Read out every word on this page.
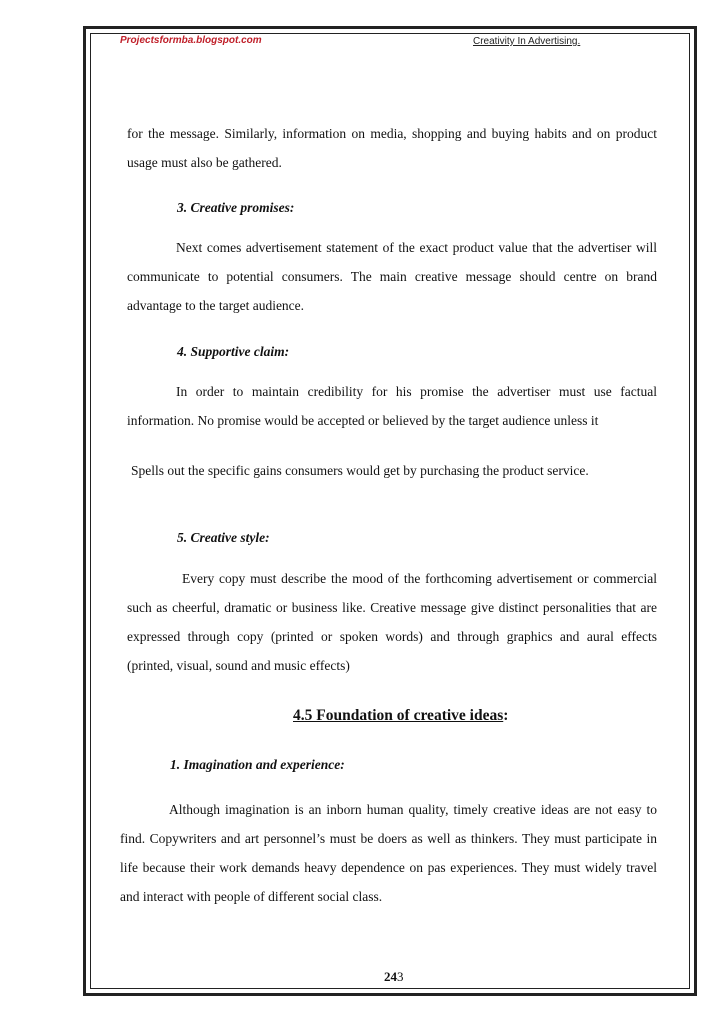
Projectsformba.blogspot.com	Creativity In Advertising.

for the message. Similarly, information on media, shopping and buying habits and on product usage must also be gathered.

3. Creative promises:

Next comes advertisement statement of the exact product value that the advertiser will communicate to potential consumers. The main creative message should centre on brand advantage to the target audience.

4. Supportive claim:

In order to maintain credibility for his promise the advertiser must use factual information. No promise would be accepted or believed by the target audience unless it

Spells out the specific gains consumers would get by purchasing the product service.

5. Creative style:

Every copy must describe the mood of the forthcoming advertisement or commercial such as cheerful, dramatic or business like. Creative message give distinct personalities that are expressed through copy (printed or spoken words) and through graphics and aural effects (printed, visual, sound and music effects)

4.5 Foundation of creative ideas:
1. Imagination and experience:

Although imagination is an inborn human quality, timely creative ideas are not easy to find. Copywriters and art personnel’s must be doers as well as thinkers. They must participate in life because their work demands heavy dependence on pas experiences. They must widely travel and interact with people of different social class.

243
